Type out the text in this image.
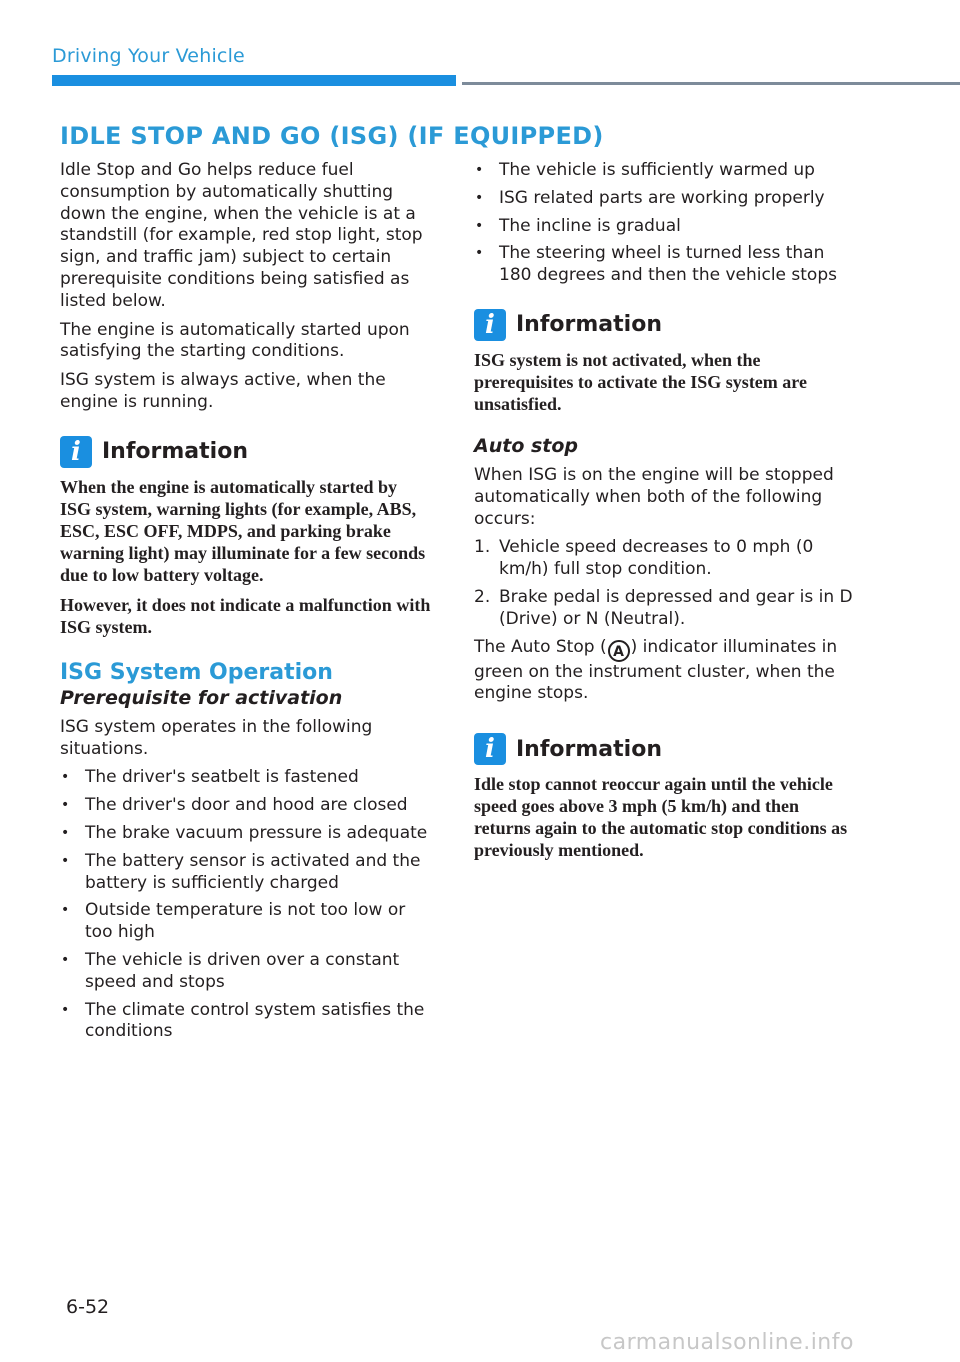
Driving Your Vehicle
IDLE STOP AND GO (ISG) (IF EQUIPPED)

Idle Stop and Go helps reduce fuel consumption by automatically shutting down the engine, when the vehicle is at a standstill (for example, red stop light, stop sign, and traffic jam) subject to certain prerequisite conditions being satisfied as listed below.

The engine is automatically started upon satisfying the starting conditions.

ISG system is always active, when the engine is running.

i Information

When the engine is automatically started by ISG system, warning lights (for example, ABS, ESC, ESC OFF, MDPS, and parking brake warning light) may illuminate for a few seconds due to low battery voltage.

However, it does not indicate a malfunction with ISG system.

ISG System Operation
Prerequisite for activation

ISG system operates in the following situations.

• The driver's seatbelt is fastened
• The driver's door and hood are closed
• The brake vacuum pressure is adequate
• The battery sensor is activated and the battery is sufficiently charged
• Outside temperature is not too low or too high
• The vehicle is driven over a constant speed and stops
• The climate control system satisfies the conditions
• The vehicle is sufficiently warmed up
• ISG related parts are working properly
• The incline is gradual
• The steering wheel is turned less than 180 degrees and then the vehicle stops
i Information

ISG system is not activated, when the prerequisites to activate the ISG system are unsatisfied.

Auto stop

When ISG is on the engine will be stopped automatically when both of the following occurs:

1. Vehicle speed decreases to 0 mph (0 km/h) full stop condition.
2. Brake pedal is depressed and gear is in D (Drive) or N (Neutral).

The Auto Stop ( A ) indicator illuminates in green on the instrument cluster, when the engine stops.

i Information

Idle stop cannot reoccur again until the vehicle speed goes above 3 mph (5 km/h) and then returns again to the automatic stop conditions as previously mentioned.

6-52
carmanualsonline.info
